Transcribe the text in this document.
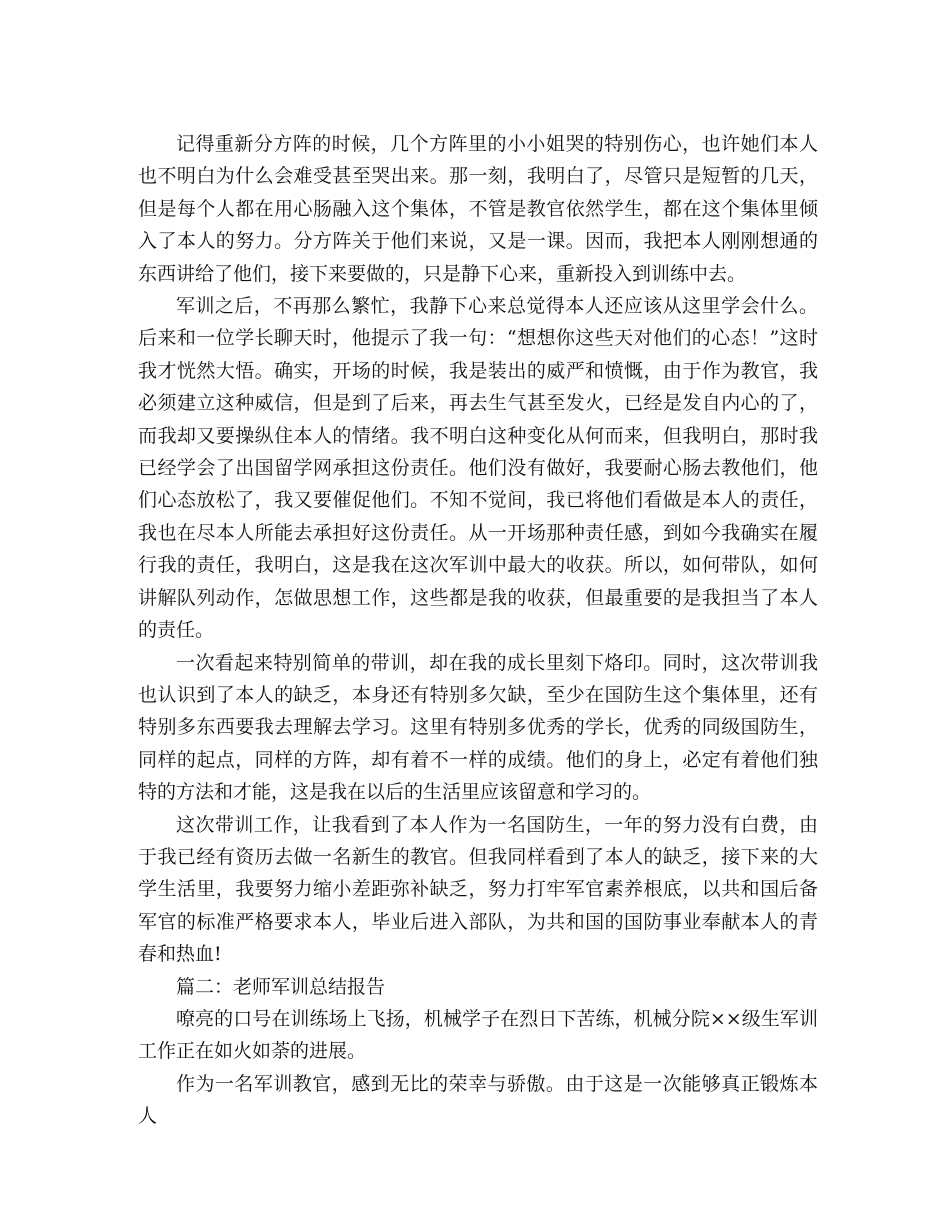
记得重新分方阵的时候，几个方阵里的小小姐哭的特别伤心，也许她们本人也不明白为什么会难受甚至哭出来。那一刻，我明白了，尽管只是短暂的几天，但是每个人都在用心肠融入这个集体，不管是教官依然学生，都在这个集体里倾入了本人的努力。分方阵关于他们来说，又是一课。因而，我把本人刚刚想通的东西讲给了他们，接下来要做的，只是静下心来，重新投入到训练中去。

军训之后，不再那么繁忙，我静下心来总觉得本人还应该从这里学会什么。后来和一位学长聊天时，他提示了我一句：“想想你这些天对他们的心态！”这时我才恍然大悟。确实，开场的时候，我是装出的威严和愤慨，由于作为教官，我必须建立这种威信，但是到了后来，再去生气甚至发火，已经是发自内心的了，而我却又要操纵住本人的情绪。我不明白这种变化从何而来，但我明白，那时我已经学会了出国留学网承担这份责任。他们没有做好，我要耐心肠去教他们，他们心态放松了，我又要催促他们。不知不觉间，我已将他们看做是本人的责任，我也在尽本人所能去承担好这份责任。从一开场那种责任感，到如今我确实在履行我的责任，我明白，这是我在这次军训中最大的收获。所以，如何带队，如何讲解队列动作，怎做思想工作，这些都是我的收获，但最重要的是我担当了本人的责任。

一次看起来特别简单的带训，却在我的成长里刻下烙印。同时，这次带训我也认识到了本人的缺乏，本身还有特别多欠缺，至少在国防生这个集体里，还有特别多东西要我去理解去学习。这里有特别多优秀的学长，优秀的同级国防生，同样的起点，同样的方阵，却有着不一样的成绩。他们的身上，必定有着他们独特的方法和才能，这是我在以后的生活里应该留意和学习的。

这次带训工作，让我看到了本人作为一名国防生，一年的努力没有白费，由于我已经有资历去做一名新生的教官。但我同样看到了本人的缺乏，接下来的大学生活里，我要努力缩小差距弥补缺乏，努力打牢军官素养根底，以共和国后备军官的标准严格要求本人，毕业后进入部队，为共和国的国防事业奉献本人的青春和热血!

篇二：老师军训总结报告

嘹亮的口号在训练场上飞扬，机械学子在烈日下苦练，机械分院××级生军训工作正在如火如荼的进展。

作为一名军训教官，感到无比的荣幸与骄傲。由于这是一次能够真正锻炼本人
